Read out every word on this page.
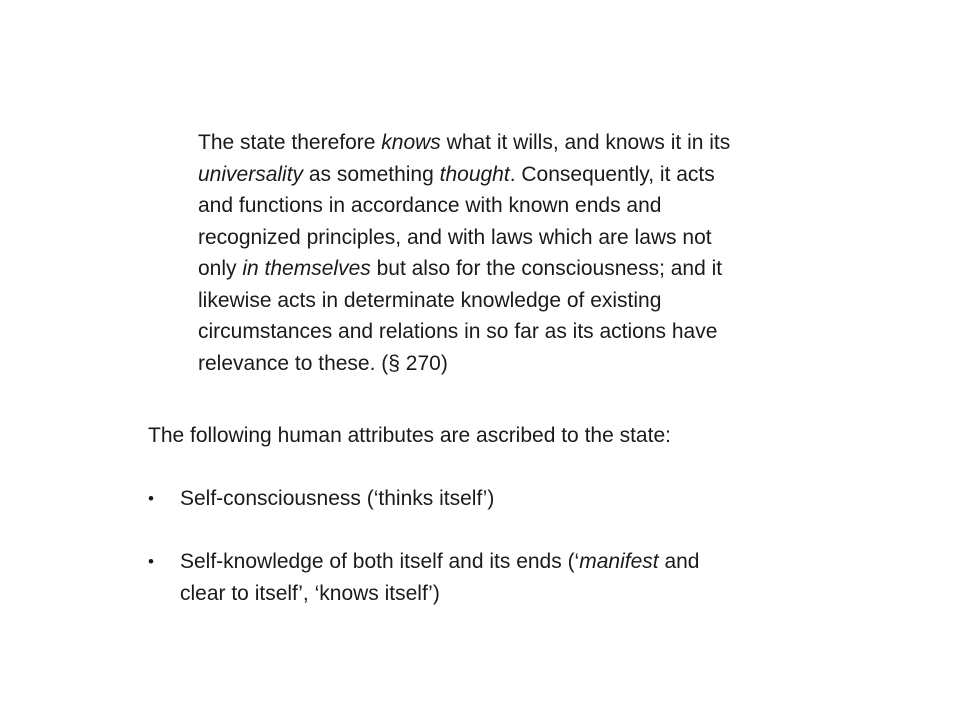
The state therefore knows what it wills, and knows it in its
universality as something thought. Consequently, it acts
and functions in accordance with known ends and
recognized principles, and with laws which are laws not
only in themselves but also for the consciousness; and it
likewise acts in determinate knowledge of existing
circumstances and relations in so far as its actions have
relevance to these. (§ 270)

The following human attributes are ascribed to the state:

• Self-consciousness (‘thinks itself’)
• Self-knowledge of both itself and its ends (‘manifest and
clear to itself’, ‘knows itself’)
